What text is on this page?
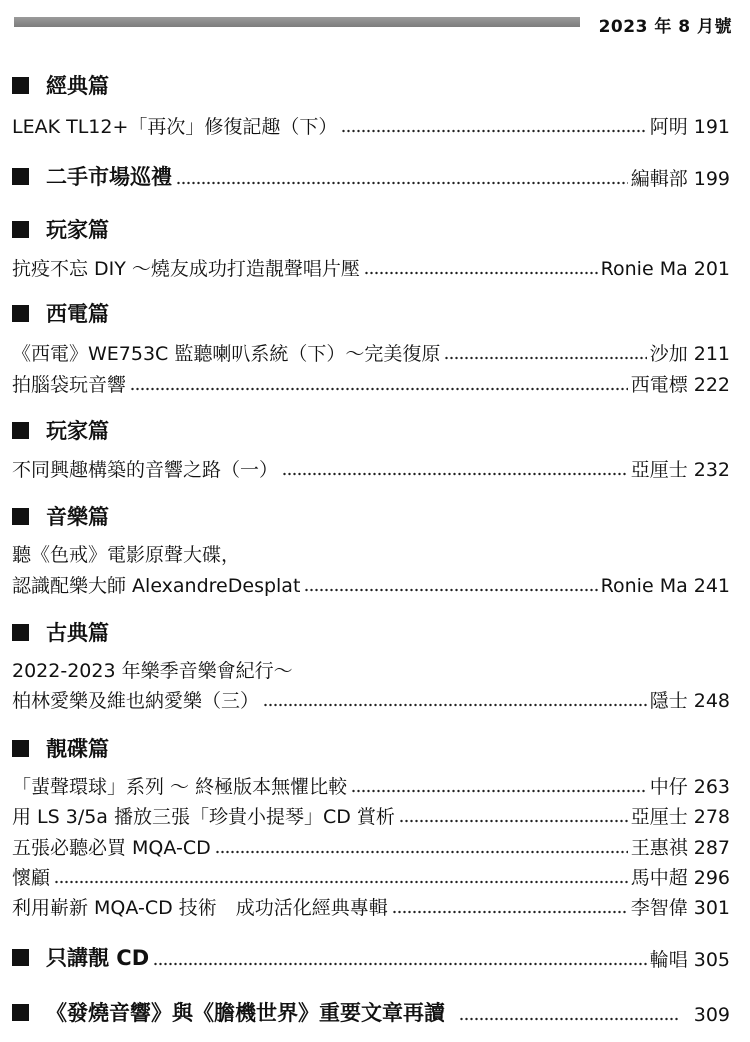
2023 年 8 月號
經典篇
LEAK TL12+「再次」修復記趣（下）	阿明 191
二手市場巡禮	編輯部 199
玩家篇
抗疫不忘 DIY ～燒友成功打造靚聲唱片壓	Ronie Ma 201
西電篇
《西電》WE753C 監聽喇叭系統（下）～完美復原	沙加 211
拍腦袋玩音響	西電標 222
玩家篇
不同興趣構築的音響之路（一）	亞厘士 232
音樂篇
聽《色戒》電影原聲大碟，
認識配樂大師 AlexandreDesplat	Ronie Ma 241
古典篇
2022-2023 年樂季音樂會紀行～
柏林愛樂及維也納愛樂（三）	隱士 248
靚碟篇
「蜚聲環球」系列 ～ 終極版本無懼比較	中仔 263
用 LS 3/5a 播放三張「珍貴小提琴」CD 賞析	亞厘士 278
五張必聽必買 MQA-CD	王惠祺 287
懷顧	馬中超 296
利用嶄新 MQA-CD 技術　成功活化經典專輯	李智偉 301
只講靚 CD	輪唱 305
《發燒音響》與《膽機世界》重要文章再讀	309
